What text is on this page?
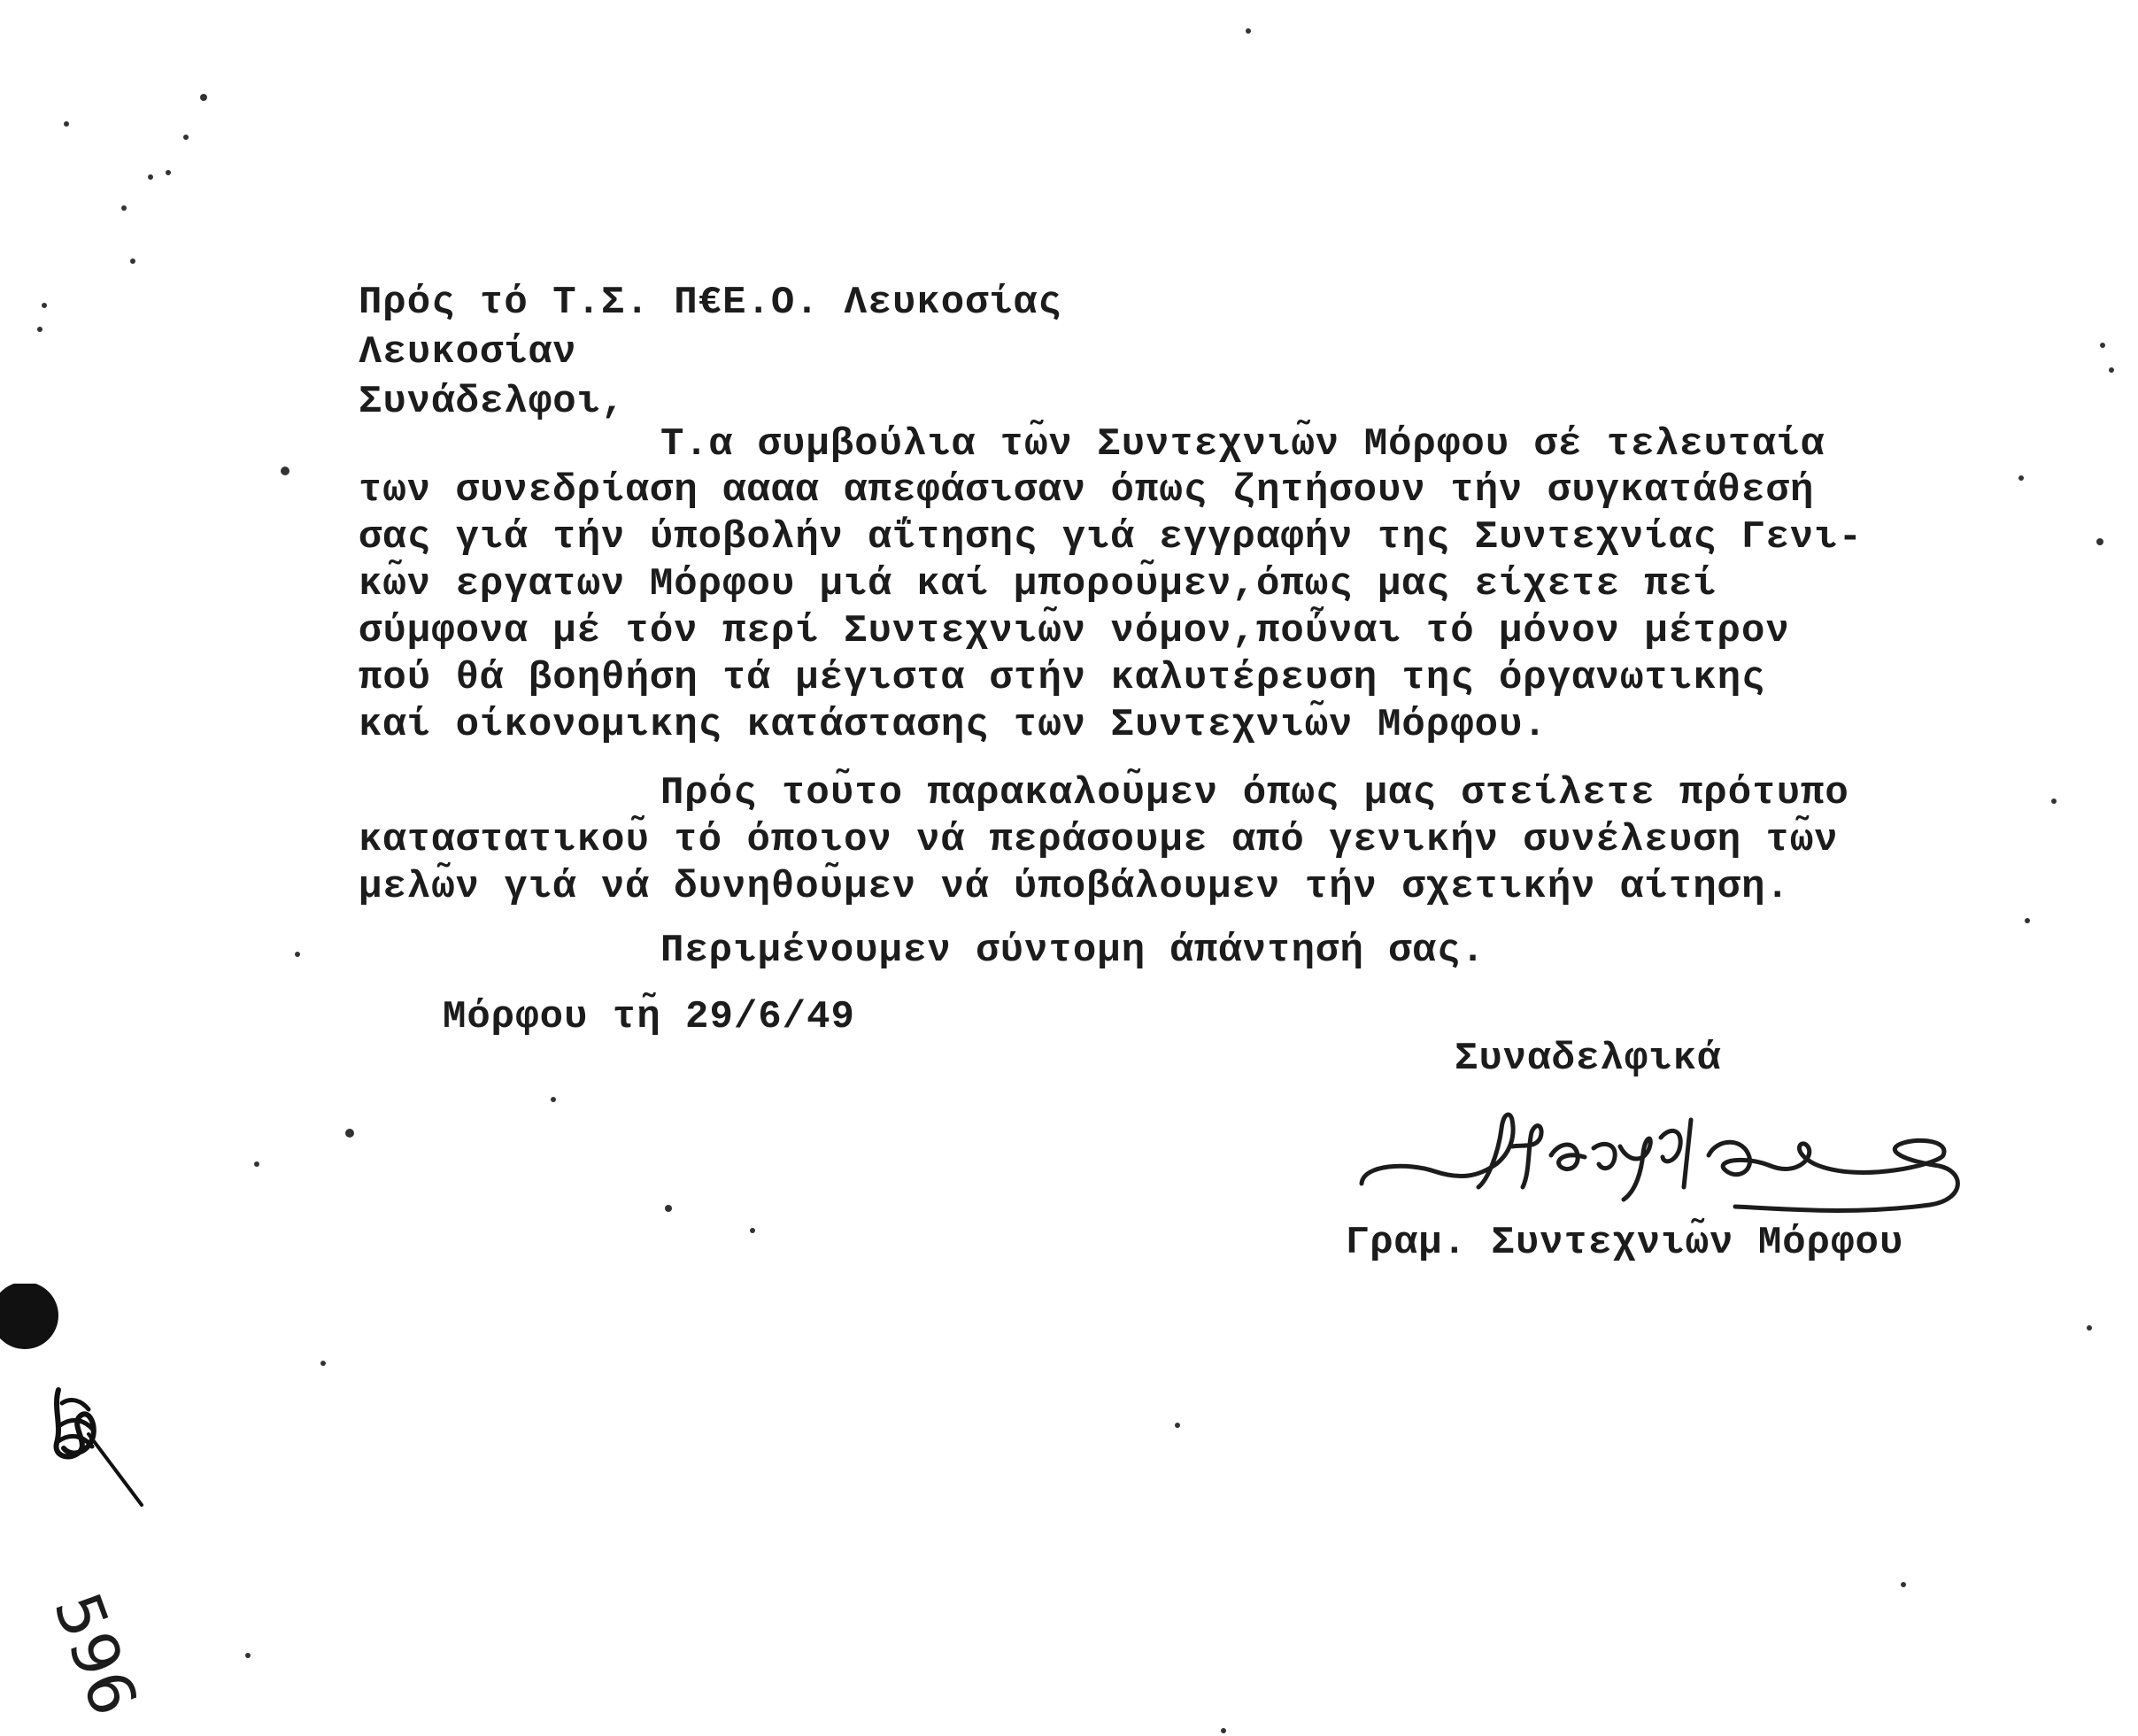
Πρός τό Τ.Σ. Π€Ε.Ο. Λευκοσίας
Λευκοσίαν
Συνάδελφοι,
Τ.α συμβούλια τω̃ν Συντεχνιω̃ν Μόρφου σέ τελευταία
των συνεδρίαση αααα απεφάσισαν όπως ζητήσουν τήν συγκατάθεσή
σας γιά τήν ύποβολήν αΐτησης γιά εγγραφήν της Συντεχνίας Γενι-
κω̃ν εργατων Μόρφου μιά καί μπορου̃μεν,όπως μας είχετε πεί
σύμφονα μέ τόν περί Συντεχνιω̃ν νόμον,πού̃ναι τό μόνον μέτρον
πού θά βοηθήση τά μέγιστα στήν καλυτέρευση της όργανωτικης
καί οίκονομικης κατάστασης των Συντεχνιω̃ν Μόρφου.
Πρός του̃το παρακαλου̃μεν όπως μας στείλετε πρότυπο
καταστατικου̃ τό όποιον νά περάσουμε από γενικήν συνέλευση τω̃ν
μελω̃ν γιά νά δυνηθου̃μεν νά ύποβάλουμεν τήν σχετικήν αίτηση.
Περιμένουμεν σύντομη άπάντησή σας.
Μόρφου τη̃ 29/6/49
Συναδελφικά
Γραμ. Συντεχνιω̃ν Μόρφου
596
